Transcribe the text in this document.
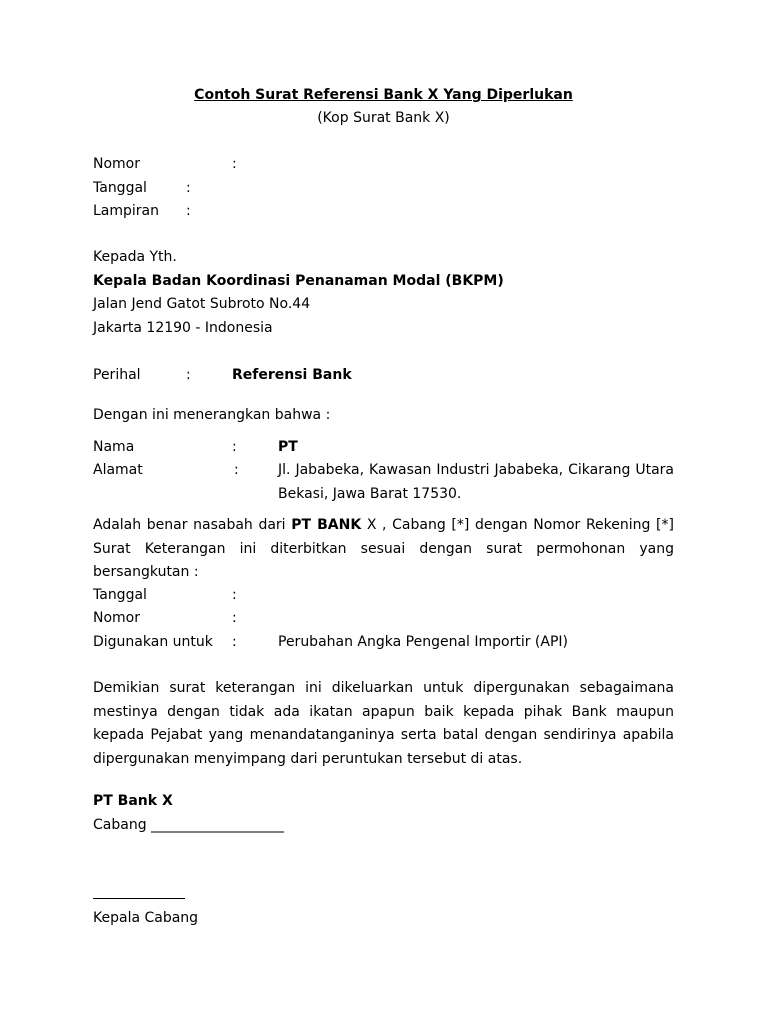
Contoh Surat Referensi Bank X Yang Diperlukan
(Kop Surat Bank X)
Nomor	:
Tanggal	:
Lampiran :
Kepada Yth.
Kepala Badan Koordinasi Penanaman Modal (BKPM)
Jalan Jend Gatot Subroto No.44
Jakarta 12190 - Indonesia
Perihal	:	Referensi Bank
Dengan ini menerangkan bahwa :
Nama	:	PT
Alamat	:	Jl. Jababeka, Kawasan Industri Jababeka, Cikarang Utara Bekasi, Jawa Barat 17530.
Adalah benar nasabah dari PT BANK X , Cabang [*] dengan Nomor Rekening [*] Surat Keterangan ini diterbitkan sesuai dengan surat permohonan yang bersangkutan :
Tanggal	:
Nomor	:
Digunakan untuk :	Perubahan Angka Pengenal Importir (API)
Demikian surat keterangan ini dikeluarkan untuk dipergunakan sebagaimana mestinya dengan tidak ada ikatan apapun baik kepada pihak Bank maupun kepada Pejabat yang menandatanganinya serta batal dengan sendirinya apabila dipergunakan menyimpang dari peruntukan tersebut di atas.
PT Bank X
Cabang ___________________
Kepala Cabang
